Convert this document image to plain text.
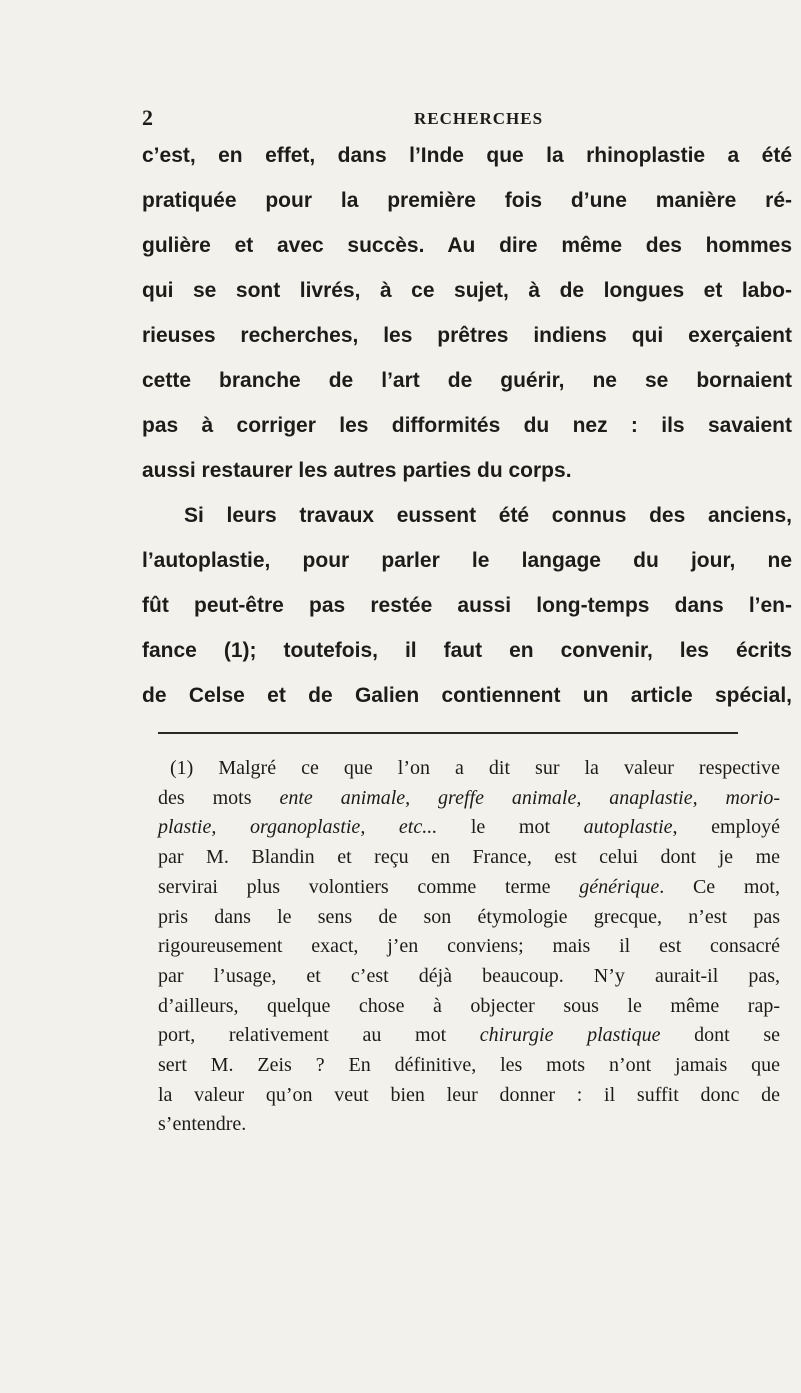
2	RECHERCHES
c’est, en effet, dans l’Inde que la rhinoplastie a été
pratiquée pour la première fois d’une manière ré-
gulière et avec succès. Au dire même des hommes
qui se sont livrés, à ce sujet, à de longues et labo-
rieuses recherches, les prêtres indiens qui exerçaient
cette branche de l’art de guérir, ne se bornaient
pas à corriger les difformités du nez : ils savaient
aussi restaurer les autres parties du corps.
Si leurs travaux eussent été connus des anciens,
l’autoplastie, pour parler le langage du jour, ne
fût peut-être pas restée aussi long-temps dans l’en-
fance (1); toutefois, il faut en convenir, les écrits
de Celse et de Galien contiennent un article spécial,
(1) Malgré ce que l’on a dit sur la valeur respective
des mots ente animale, greffe animale, anaplastie, morio-
plastie, organoplastie, etc... le mot autoplastie, employé
par M. Blandin et reçu en France, est celui dont je me
servirai plus volontiers comme terme générique. Ce mot,
pris dans le sens de son étymologie grecque, n’est pas
rigoureusement exact, j’en conviens; mais il est consacré
par l’usage, et c’est déjà beaucoup. N’y aurait-il pas,
d’ailleurs, quelque chose à objecter sous le même rap-
port, relativement au mot chirurgie plastique dont se
sert M. Zeis ? En définitive, les mots n’ont jamais que
la valeur qu’on veut bien leur donner : il suffit donc de
s’entendre.
